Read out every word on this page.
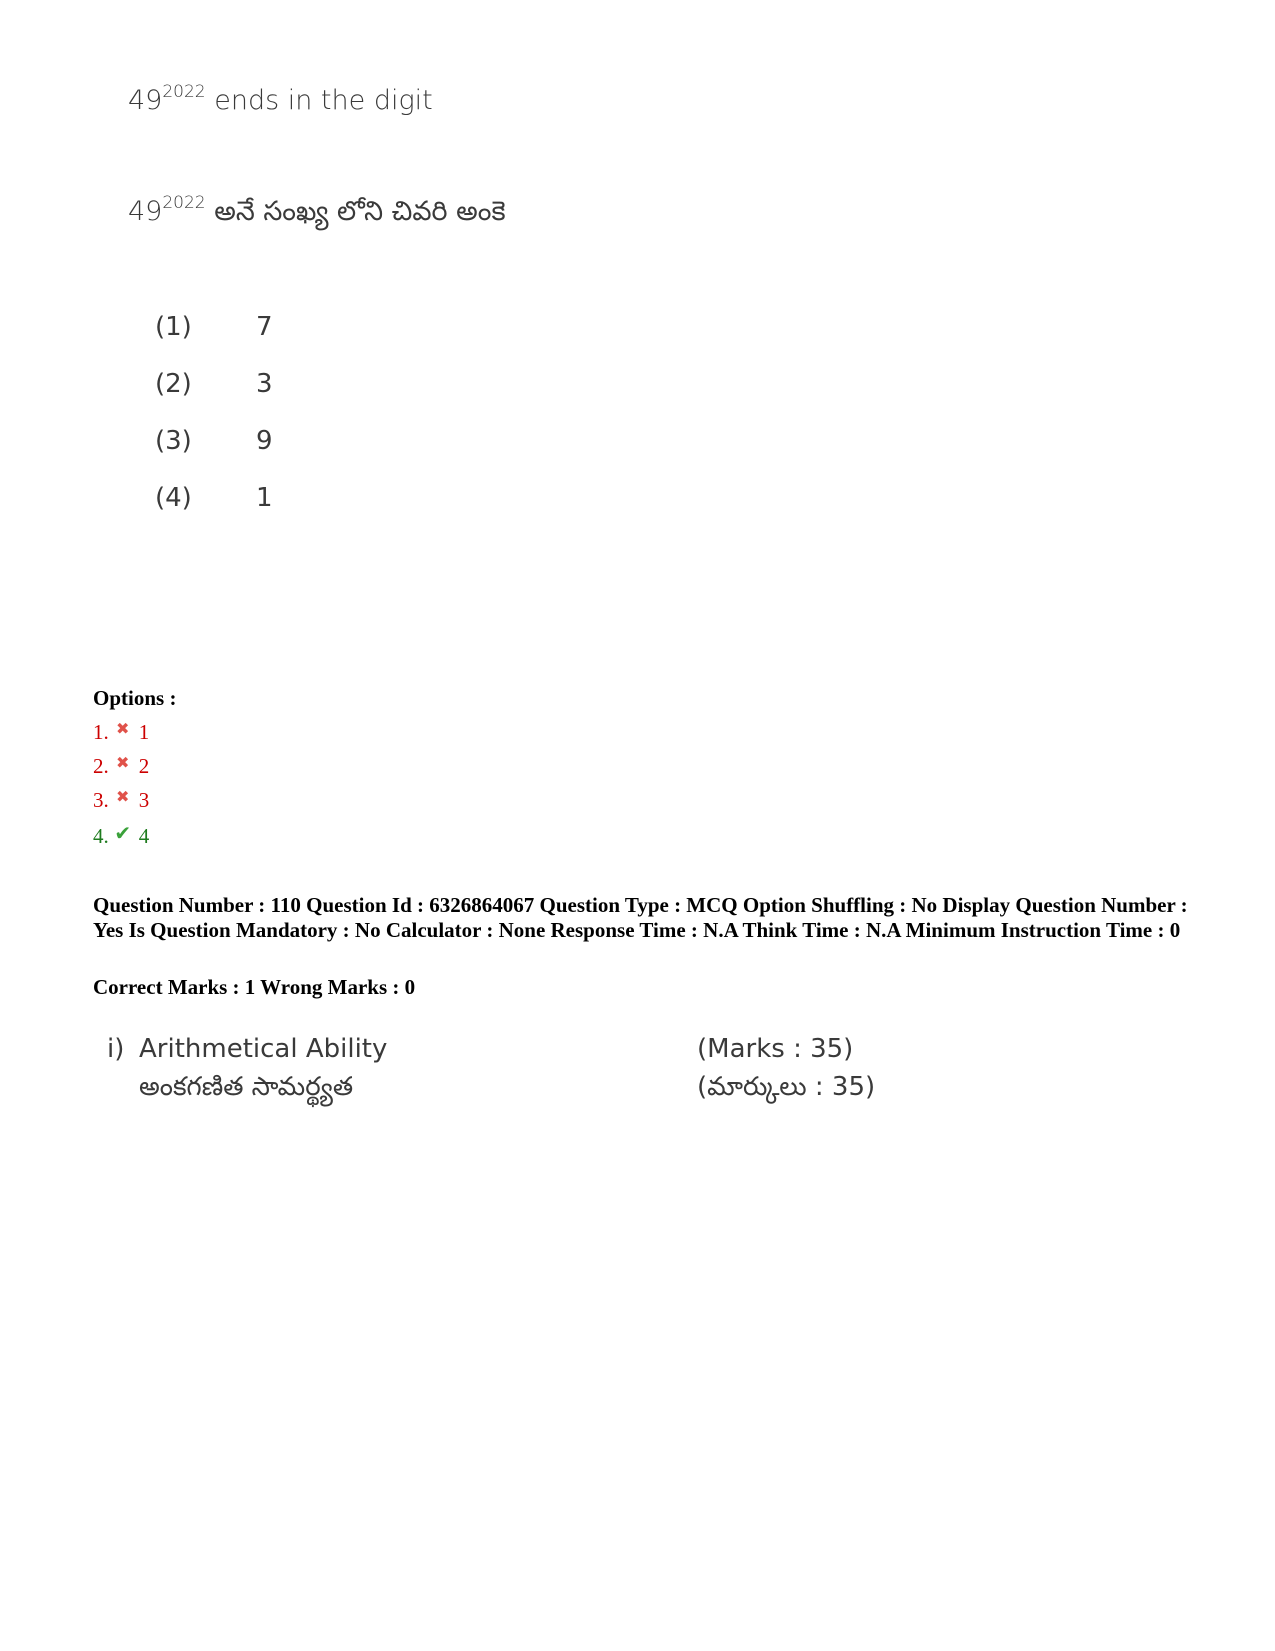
$49^{2022}$ ends in the digit
$49^{2022}$ అనే సంఖ్య లోని చివరి అంకె
(1) 7
(2) 3
(3) 9
(4) 1
Options :
1. ✖ 1
2. ✖ 2
3. ✖ 3
4. ✔ 4
Question Number : 110 Question Id : 6326864067 Question Type : MCQ Option Shuffling : No Display Question Number : Yes Is Question Mandatory : No Calculator : None Response Time : N.A Think Time : N.A Minimum Instruction Time : 0
Correct Marks : 1 Wrong Marks : 0
i) Arithmetical Ability
అంకగణిత సామర్థ్యత
(Marks : 35)
(మార్కులు : 35)
